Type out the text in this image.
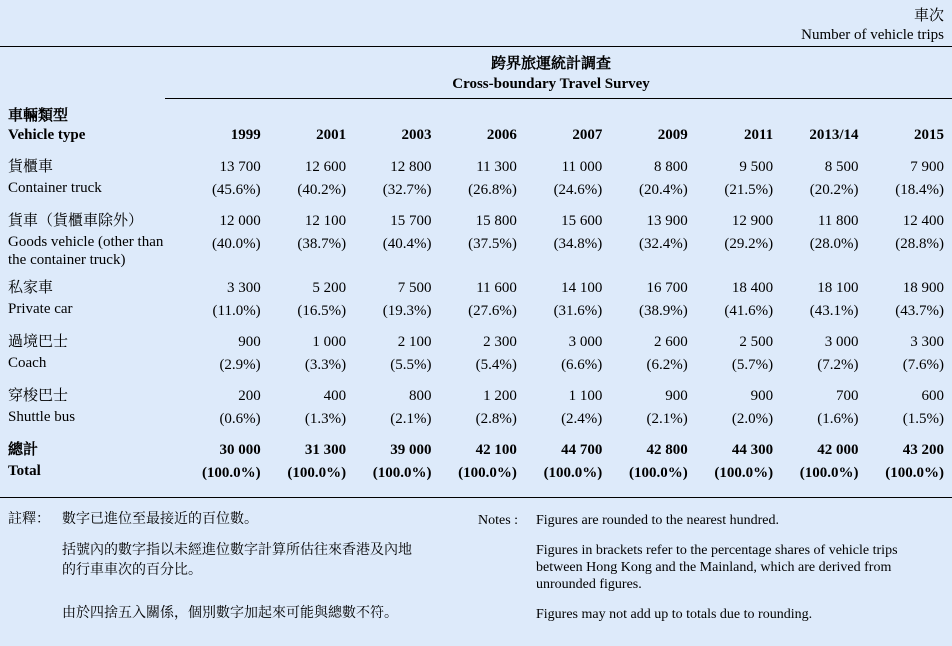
車次
Number of vehicle trips
跨界旅運統計調查
Cross-boundary Travel Survey
車輛類型
Vehicle type	1999	2001	2003	2006	2007	2009	2011	2013/14	2015

貨櫃車	13 700	12 600	12 800	11 300	11 000	8 800	9 500	8 500	7 900
Container truck	(45.6%)	(40.2%)	(32.7%)	(26.8%)	(24.6%)	(20.4%)	(21.5%)	(20.2%)	(18.4%)

貨車（貨櫃車除外）	12 000	12 100	15 700	15 800	15 600	13 900	12 900	11 800	12 400
Goods vehicle (other than the container truck)	(40.0%)	(38.7%)	(40.4%)	(37.5%)	(34.8%)	(32.4%)	(29.2%)	(28.0%)	(28.8%)

私家車	3 300	5 200	7 500	11 600	14 100	16 700	18 400	18 100	18 900
Private car	(11.0%)	(16.5%)	(19.3%)	(27.6%)	(31.6%)	(38.9%)	(41.6%)	(43.1%)	(43.7%)

過境巴士	900	1 000	2 100	2 300	3 000	2 600	2 500	3 000	3 300
Coach	(2.9%)	(3.3%)	(5.5%)	(5.4%)	(6.6%)	(6.2%)	(5.7%)	(7.2%)	(7.6%)

穿梭巴士	200	400	800	1 200	1 100	900	900	700	600
Shuttle bus	(0.6%)	(1.3%)	(2.1%)	(2.8%)	(2.4%)	(2.1%)	(2.0%)	(1.6%)	(1.5%)

總計	30 000	31 300	39 000	42 100	44 700	42 800	44 300	42 000	43 200
Total	(100.0%)	(100.0%)	(100.0%)	(100.0%)	(100.0%)	(100.0%)	(100.0%)	(100.0%)	(100.0%)
註釋： 數字已進位至最接近的百位數。
括號內的數字指以未經進位數字計算所估往來香港及內地的行車車次的百分比。
由於四捨五入關係，個別數字加起來可能與總數不符。
Notes : Figures are rounded to the nearest hundred.
Figures in brackets refer to the percentage shares of vehicle trips between Hong Kong and the Mainland, which are derived from unrounded figures.
Figures may not add up to totals due to rounding.
